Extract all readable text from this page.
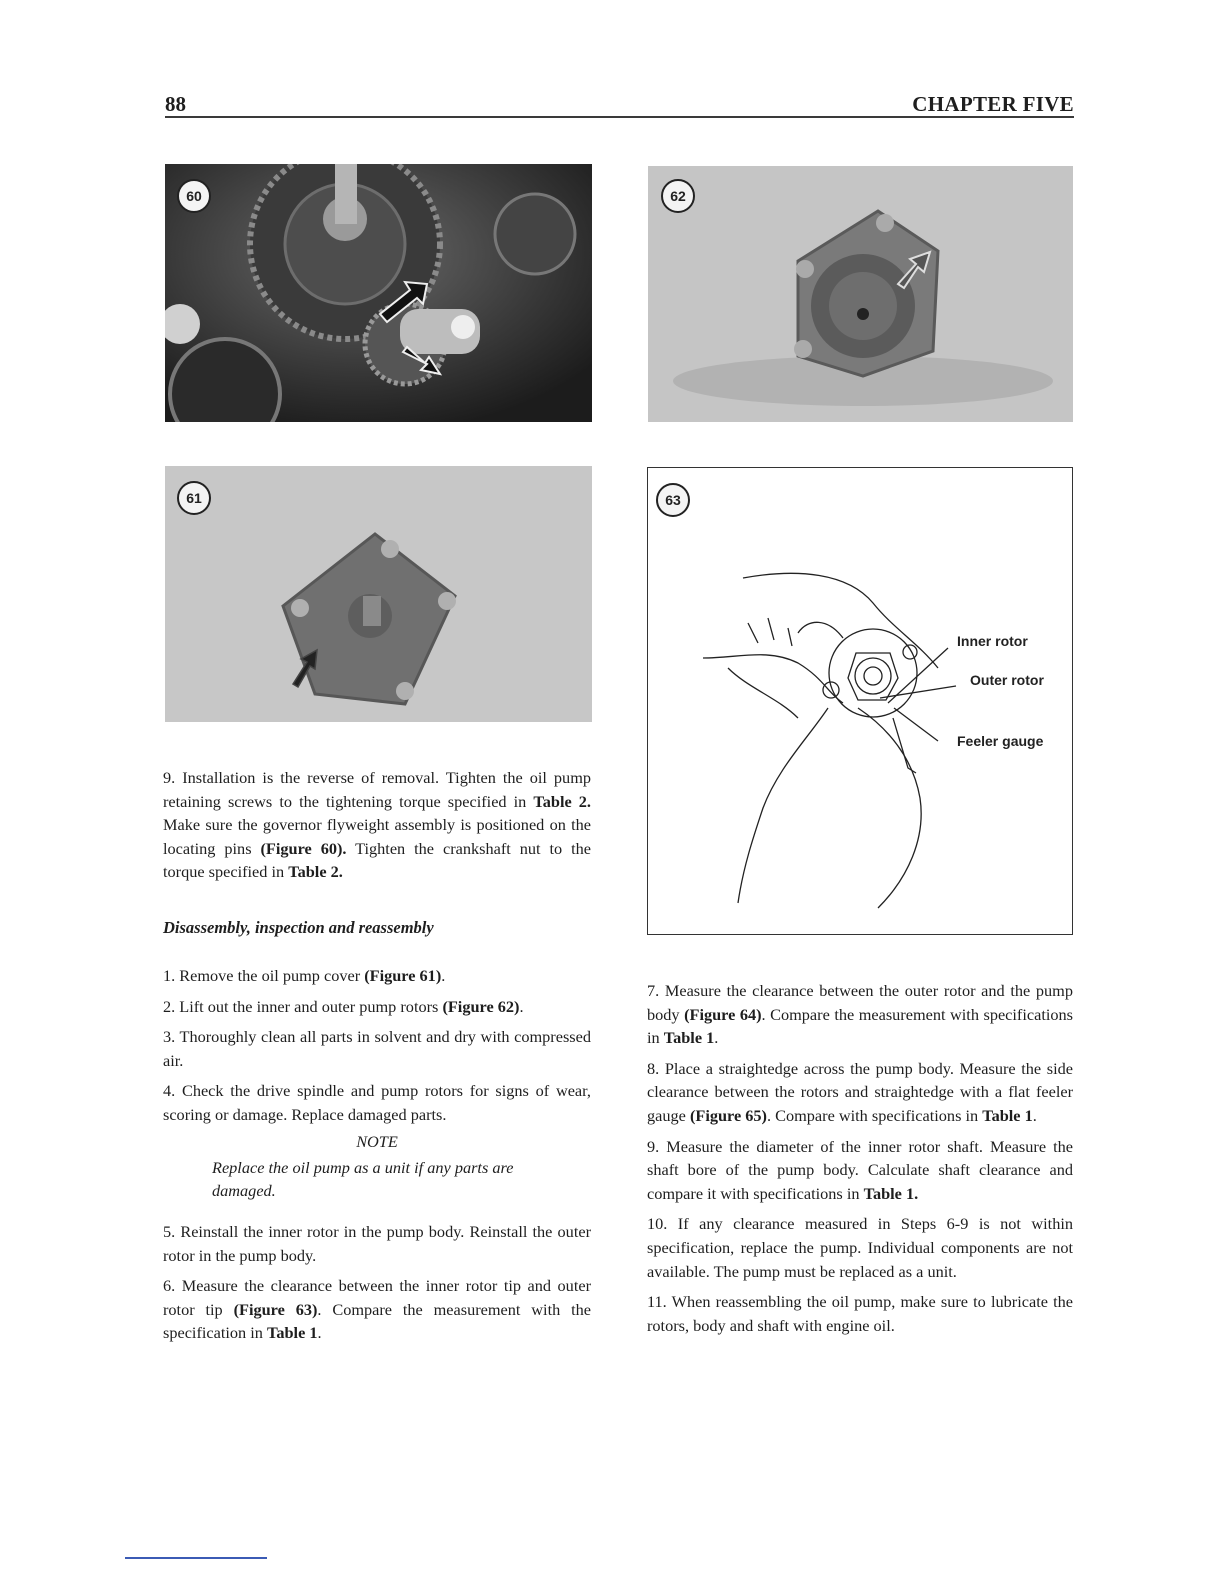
88	CHAPTER FIVE
60	62
61	63
Inner rotor
Outer rotor
Feeler gauge

9. Installation is the reverse of removal. Tighten the oil pump retaining screws to the tightening torque specified in Table 2. Make sure the governor flyweight assembly is positioned on the locating pins (Figure 60). Tighten the crankshaft nut to the torque specified in Table 2.

Disassembly, inspection and reassembly

1. Remove the oil pump cover (Figure 61).

2. Lift out the inner and outer pump rotors (Figure 62).

3. Thoroughly clean all parts in solvent and dry with compressed air.

4. Check the drive spindle and pump rotors for signs of wear, scoring or damage. Replace damaged parts.

NOTE
Replace the oil pump as a unit if any parts are damaged.

5. Reinstall the inner rotor in the pump body. Reinstall the outer rotor in the pump body.

6. Measure the clearance between the inner rotor tip and outer rotor tip (Figure 63). Compare the measurement with the specification in Table 1.

7. Measure the clearance between the outer rotor and the pump body (Figure 64). Compare the measurement with specifications in Table 1.

8. Place a straightedge across the pump body. Measure the side clearance between the rotors and straightedge with a flat feeler gauge (Figure 65). Compare with specifications in Table 1.

9. Measure the diameter of the inner rotor shaft. Measure the shaft bore of the pump body. Calculate shaft clearance and compare it with specifications in Table 1.

10. If any clearance measured in Steps 6-9 is not within specification, replace the pump. Individual components are not available. The pump must be replaced as a unit.

11. When reassembling the oil pump, make sure to lubricate the rotors, body and shaft with engine oil.
